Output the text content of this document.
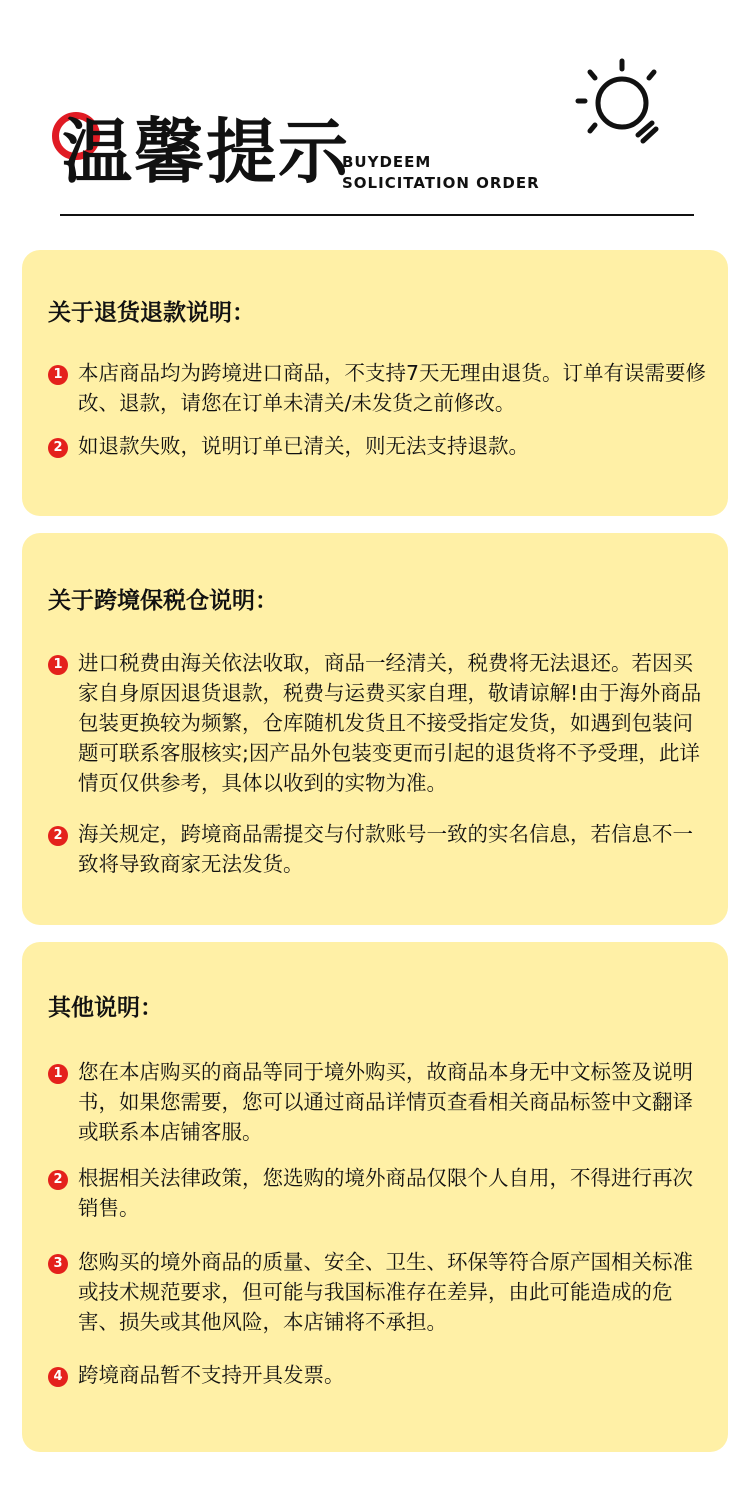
温馨提示
BUYDEEM
SOLICITATION ORDER
关于退货退款说明：
1 本店商品均为跨境进口商品，不支持7天无理由退货。订单有误需要修改、退款，请您在订单未清关/未发货之前修改。
2 如退款失败，说明订单已清关，则无法支持退款。
关于跨境保税仓说明：
1 进口税费由海关依法收取，商品一经清关，税费将无法退还。若因买家自身原因退货退款，税费与运费买家自理，敬请谅解!由于海外商品包装更换较为频繁，仓库随机发货且不接受指定发货，如遇到包装问题可联系客服核实;因产品外包装变更而引起的退货将不予受理，此详情页仅供参考，具体以收到的实物为准。
2 海关规定，跨境商品需提交与付款账号一致的实名信息，若信息不一致将导致商家无法发货。
其他说明：
1 您在本店购买的商品等同于境外购买，故商品本身无中文标签及说明书，如果您需要，您可以通过商品详情页查看相关商品标签中文翻译或联系本店铺客服。
2 根据相关法律政策，您选购的境外商品仅限个人自用，不得进行再次销售。
3 您购买的境外商品的质量、安全、卫生、环保等符合原产国相关标准或技术规范要求，但可能与我国标准存在差异，由此可能造成的危害、损失或其他风险，本店铺将不承担。
4 跨境商品暂不支持开具发票。
